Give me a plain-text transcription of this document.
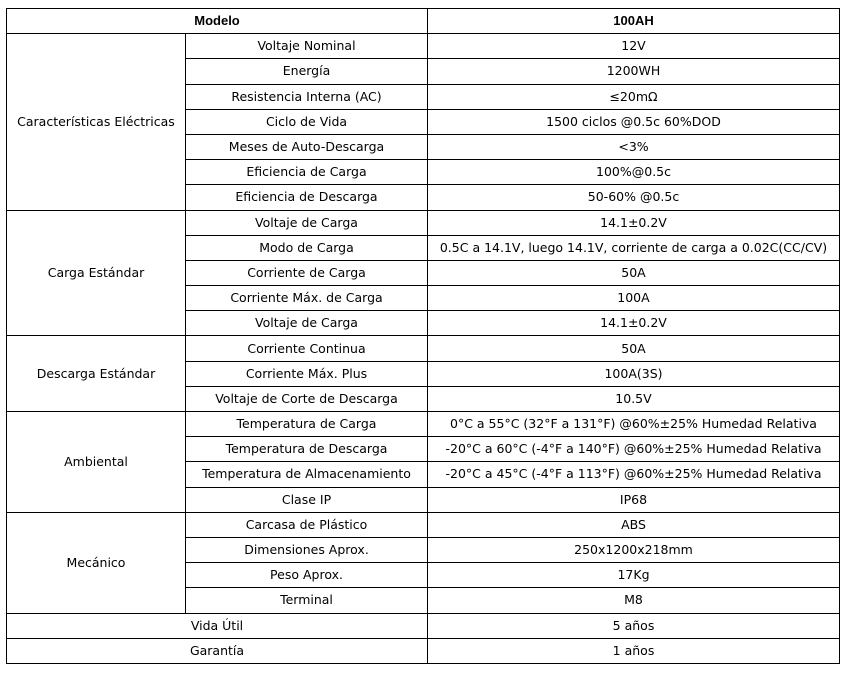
Modelo		100AH
Características Eléctricas	Voltaje Nominal	12V
	Energía	1200WH
	Resistencia Interna (AC)	≤20mΩ
	Ciclo de Vida	1500 ciclos @0.5c 60%DOD
	Meses de Auto-Descarga	<3%
	Eficiencia de Carga	100%@0.5c
	Eficiencia de Descarga	50-60% @0.5c
Carga Estándar	Voltaje de Carga	14.1±0.2V
	Modo de Carga	0.5C a 14.1V, luego 14.1V, corriente de carga a 0.02C(CC/CV)
	Corriente de Carga	50A
	Corriente Máx. de Carga	100A
	Voltaje de Carga	14.1±0.2V
Descarga Estándar	Corriente Continua	50A
	Corriente Máx. Plus	100A(3S)
	Voltaje de Corte de Descarga	10.5V
Ambiental	Temperatura de Carga	0°C a 55°C (32°F a 131°F) @60%±25% Humedad Relativa
	Temperatura de Descarga	-20°C a 60°C (-4°F a 140°F) @60%±25% Humedad Relativa
	Temperatura de Almacenamiento	-20°C a 45°C (-4°F a 113°F) @60%±25% Humedad Relativa
	Clase IP	IP68
Mecánico	Carcasa de Plástico	ABS
	Dimensiones Aprox.	250x1200x218mm
	Peso Aprox.	17Kg
	Terminal	M8
Vida Útil		5 años
Garantía		1 años
